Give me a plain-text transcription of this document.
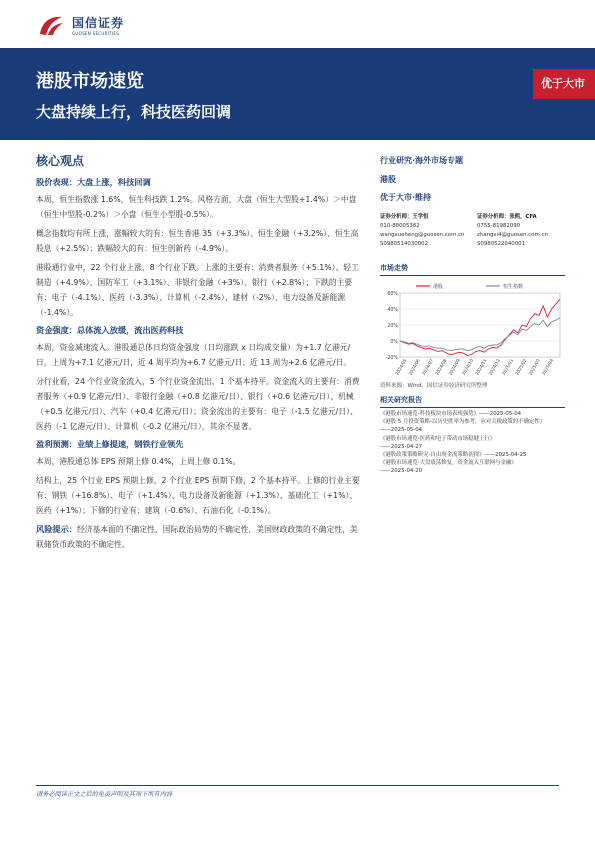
国信证券
GUOSEN SECURITIES
港股市场速览
大盘持续上行，科技医药回调
优于大市
核心观点
股价表现：大盘上涨，科技回调

本周，恒生指数涨 1.6%，恒生科技跌 1.2%。风格方面，大盘（恒生大型股+1.4%）＞中盘（恒生中型股-0.2%）＞小盘（恒生小型股-0.5%）。

概念指数均有所上涨，涨幅较大的有：恒生香港 35（+3.3%）、恒生金融（+3.2%）、恒生高股息（+2.5%）；跌幅较大的有：恒生创新药（-4.9%）。

港股通行业中，22 个行业上涨，8 个行业下跌。上涨的主要有：消费者服务（+5.1%）、轻工制造（+4.9%）、国防军工（+3.1%）、非银行金融（+3%）、银行（+2.8%）；下跌的主要有：电子（-4.1%）、医药（-3.3%）、计算机（-2.4%）、建材（-2%）、电力设备及新能源（-1.4%）。

资金强度：总体流入放缓，流出医药科技

本周，资金减速流入。港股通总体日均资金强度（日均涨跌 x 日均成交量）为+1.7 亿港元/日，上周为+7.1 亿港元/日，近 4 周平均为+6.7 亿港元/日；近 13 周为+2.6 亿港元/日。

分行业看，24 个行业资金流入，5 个行业资金流出，1 个基本持平。资金流入的主要有：消费者服务（+0.9 亿港元/日）、非银行金融（+0.8 亿港元/日）、银行（+0.6 亿港元/日）、机械（+0.5 亿港元/日）、汽车（+0.4 亿港元/日）；资金流出的主要有：电子（-1.5 亿港元/日）、医药（-1 亿港元/日）、计算机（-0.2 亿港元/日），其余不显著。

盈利预测：业绩上修提速，钢铁行业领先

本周，港股通总体 EPS 预期上修 0.4%，上周上修 0.1%。

结构上，25 个行业 EPS 预期上修，2 个行业 EPS 预期下修，2 个基本持平。上修的行业主要有：钢铁（+16.8%）、电子（+1.4%）、电力设备及新能源（+1.3%）、基础化工（+1%）、医药（+1%）；下修的行业有：建筑（-0.6%）、石油石化（-0.1%）。

风险提示：经济基本面的不确定性，国际政治局势的不确定性，美国财政政策的不确定性，美联储货币政策的不确定性。

行业研究·海外市场专题
港股
优于大市·维持
证券分析师：王学恒
010-88005382
wangxueheng@guosen.com.cn
S0980514030002
证券分析师：张熙，CFA
0755-81982090
zhangxi4@guosen.com.cn
S0980522040001
市场走势
60%
40%
20%
0%
-20%
2024/05 2024/06 2024/07 2024/08 2024/09 2024/10 2024/11 2024/12 2025/01 2025/02 2025/03 2025/04
港股	恒生指数
资料来源：Wind、国信证券经济研究所整理
相关研究报告
《港股市场速览-科技板块市场表现强势》——2025-05-04
《港股 5 月投资策略-以历史胜率为参考，应对关税政策的不确定性》
——2025-05-04
《港股市场速览-医药和电子带动市场稳健上行》
——2025-04-27
《港股政策策略研究-自由现金流策略初探》——2025-04-25
《港股市场速览-大盘震荡修复，资金流入互联网与金融》
——2025-04-20
请务必阅读正文之后的免责声明及其项下所有内容
